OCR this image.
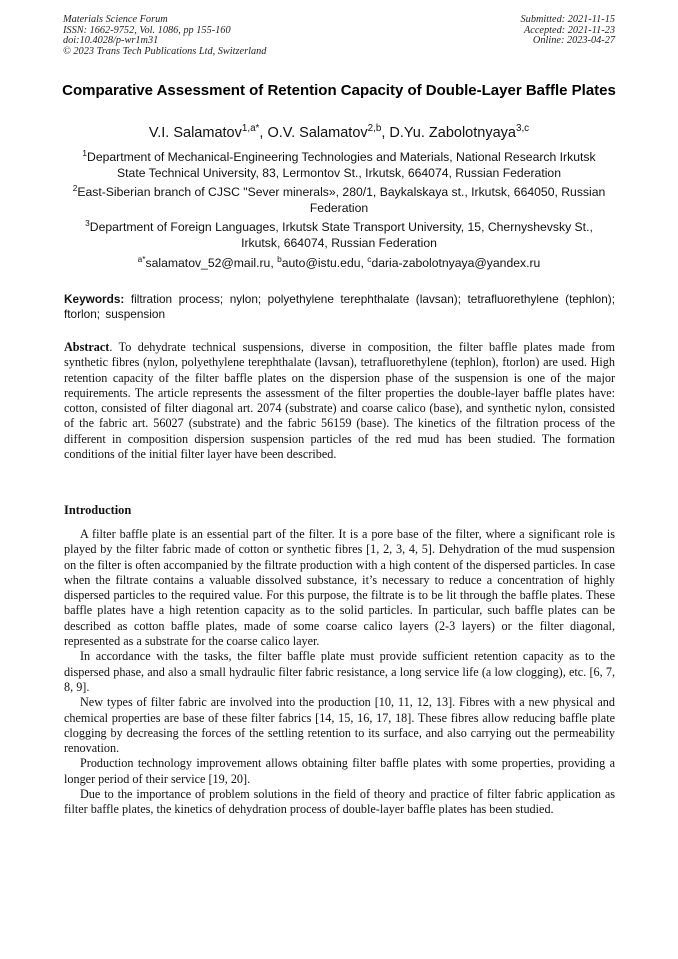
Materials Science Forum
ISSN: 1662-9752, Vol. 1086, pp 155-160
doi:10.4028/p-wr1m31
© 2023 Trans Tech Publications Ltd, Switzerland
Submitted: 2021-11-15
Accepted: 2021-11-23
Online: 2023-04-27
Comparative Assessment of Retention Capacity of Double-Layer Baffle Plates
V.I. Salamatov$^{1,a*}$, O.V. Salamatov$^{2,b}$, D.Yu. Zabolotnyaya$^{3,c}$
$^1$Department of Mechanical-Engineering Technologies and Materials, National Research Irkutsk State Technical University, 83, Lermontov St., Irkutsk, 664074, Russian Federation
$^2$East-Siberian branch of CJSC "Sever minerals», 280/1, Baykalskaya st., Irkutsk, 664050, Russian Federation
$^3$Department of Foreign Languages, Irkutsk State Transport University, 15, Chernyshevsky St., Irkutsk, 664074, Russian Federation
$^{a*}$salamatov_52@mail.ru, $^b$auto@istu.edu, $^c$daria-zabolotnyaya@yandex.ru
Keywords: filtration process; nylon; polyethylene terephthalate (lavsan); tetrafluorethylene (tephlon); ftorlon; suspension
Abstract. To dehydrate technical suspensions, diverse in composition, the filter baffle plates made from synthetic fibres (nylon, polyethylene terephthalate (lavsan), tetrafluorethylene (tephlon), ftorlon) are used. High retention capacity of the filter baffle plates on the dispersion phase of the suspension is one of the major requirements. The article represents the assessment of the filter properties the double-layer baffle plates have: cotton, consisted of filter diagonal art. 2074 (substrate) and coarse calico (base), and synthetic nylon, consisted of the fabric art. 56027 (substrate) and the fabric 56159 (base). The kinetics of the filtration process of the different in composition dispersion suspension particles of the red mud has been studied. The formation conditions of the initial filter layer have been described.
Introduction

A filter baffle plate is an essential part of the filter. It is a pore base of the filter, where a significant role is played by the filter fabric made of cotton or synthetic fibres [1, 2, 3, 4, 5]. Dehydration of the mud suspension on the filter is often accompanied by the filtrate production with a high content of the dispersed particles. In case when the filtrate contains a valuable dissolved substance, it’s necessary to reduce a concentration of highly dispersed particles to the required value. For this purpose, the filtrate is to be lit through the baffle plates. These baffle plates have a high retention capacity as to the solid particles. In particular, such baffle plates can be described as cotton baffle plates, made of some coarse calico layers (2-3 layers) or the filter diagonal, represented as a substrate for the coarse calico layer.

In accordance with the tasks, the filter baffle plate must provide sufficient retention capacity as to the dispersed phase, and also a small hydraulic filter fabric resistance, a long service life (a low clogging), etc. [6, 7, 8, 9].

New types of filter fabric are involved into the production [10, 11, 12, 13]. Fibres with a new physical and chemical properties are base of these filter fabrics [14, 15, 16, 17, 18]. These fibres allow reducing baffle plate clogging by decreasing the forces of the settling retention to its surface, and also carrying out the permeability renovation.

Production technology improvement allows obtaining filter baffle plates with some properties, providing a longer period of their service [19, 20].

Due to the importance of problem solutions in the field of theory and practice of filter fabric application as filter baffle plates, the kinetics of dehydration process of double-layer baffle plates has been studied.
